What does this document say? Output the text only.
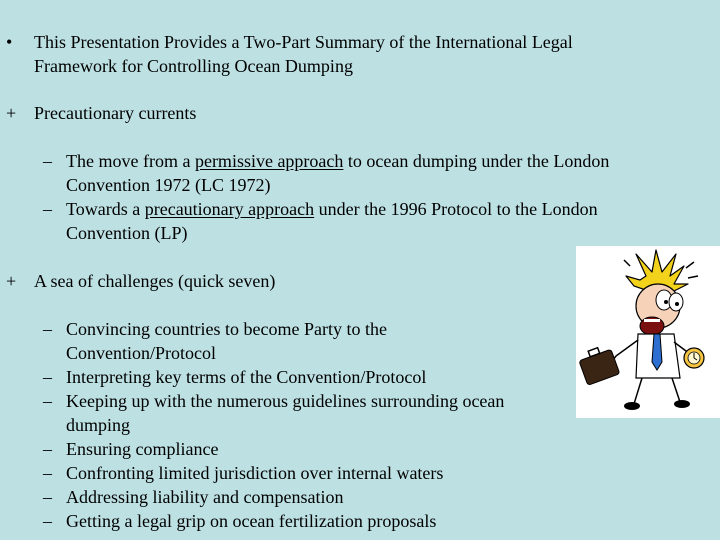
• This Presentation Provides a Two-Part Summary of the International Legal
Framework for Controlling Ocean Dumping
+ Precautionary currents
– The move from a permissive approach to ocean dumping under the London
Convention 1972 (LC 1972)
– Towards a precautionary approach under the 1996 Protocol to the London
Convention (LP)
+ A sea of challenges (quick seven)
– Convincing countries to become Party to the
Convention/Protocol
– Interpreting key terms of the Convention/Protocol
– Keeping up with the numerous guidelines surrounding ocean
dumping
– Ensuring compliance
– Confronting limited jurisdiction over internal waters
– Addressing liability and compensation
– Getting a legal grip on ocean fertilization proposals
